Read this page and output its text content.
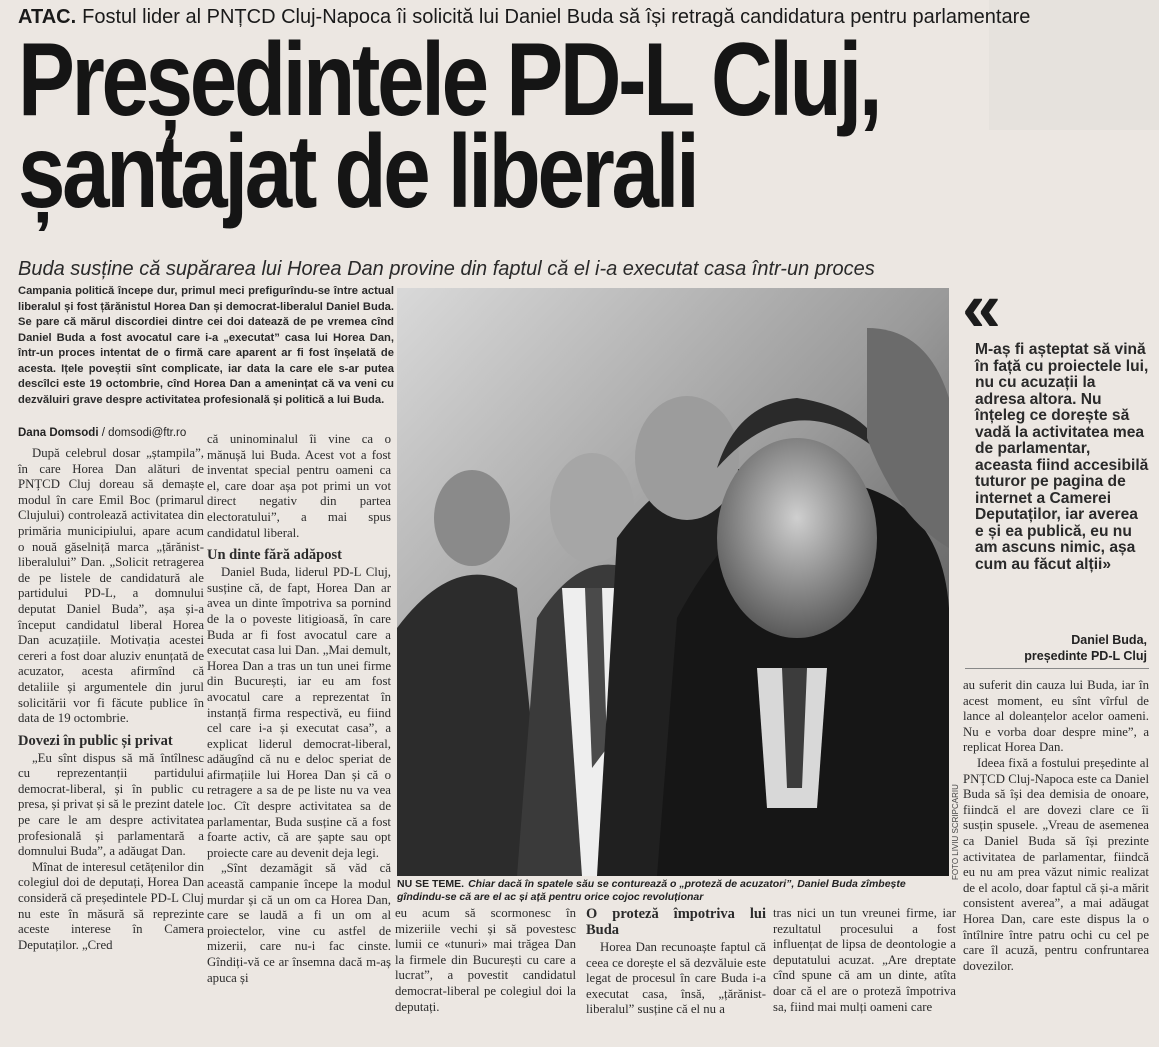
ATAC. Fostul lider al PNȚCD Cluj-Napoca îi solicită lui Daniel Buda să își retragă candidatura pentru parlamentare
Președintele PD-L Cluj,
șantajat de liberali
Buda susține că supărarea lui Horea Dan provine din faptul că el i-a executat casa într-un proces
Campania politică începe dur, primul meci prefigurîndu-se între actual liberalul și fost țărănistul Horea Dan și democrat-liberalul Daniel Buda. Se pare că mărul discordiei dintre cei doi datează de pe vremea cînd Daniel Buda a fost avocatul care i-a „executat” casa lui Horea Dan, într-un proces intentat de o firmă care aparent ar fi fost înșelată de acesta. Ițele poveștii sînt complicate, iar data la care ele s-ar putea descîlci este 19 octombrie, cînd Horea Dan a amenințat că va veni cu dezvăluiri grave despre activitatea profesională și politică a lui Buda.
Dana Domsodi / domsodi@ftr.ro

După celebrul dosar „ștampila”, în care Horea Dan alături de PNȚCD Cluj doreau să demaște modul în care Emil Boc (primarul Clujului) controlează activitatea din primăria municipiului, apare acum o nouă găselniță marca „țărănist-liberalului” Dan. „Solicit retragerea de pe listele de candidatură ale partidului PD-L, a domnului deputat Daniel Buda”, așa și-a început candidatul liberal Horea Dan acuzațiile. Motivația acestei cereri a fost doar aluziv enunțată de acuzator, acesta afirmînd că detaliile și argumentele din jurul solicitării vor fi făcute publice în data de 19 octombrie.

Dovezi în public și privat

„Eu sînt dispus să mă întîlnesc cu reprezentanții partidului democrat-liberal, și în public cu presa, și privat și să le prezint datele pe care le am despre activitatea profesională și parlamentară a domnului Buda”, a adăugat Dan.

Mînat de interesul cetățenilor din colegiul doi de deputați, Horea Dan consideră că președintele PD-L Cluj nu este în măsură să reprezinte aceste interese în Camera Deputaților. „Cred

că uninominalul îi vine ca o mănușă lui Buda. Acest vot a fost inventat special pentru oameni ca el, care doar așa pot primi un vot direct negativ din partea electoratului”, a mai spus candidatul liberal.

Un dinte fără adăpost

Daniel Buda, liderul PD-L Cluj, susține că, de fapt, Horea Dan ar avea un dinte împotriva sa pornind de la o poveste litigioasă, în care Buda ar fi fost avocatul care a executat casa lui Dan. „Mai demult, Horea Dan a tras un tun unei firme din București, iar eu am fost avocatul care a reprezentat în instanță firma respectivă, eu fiind cel care i-a și executat casa”, a explicat liderul democrat-liberal, adăugînd că nu e deloc speriat de afirmațiile lui Horea Dan și că o retragere a sa de pe liste nu va vea loc. Cît despre activitatea sa de parlamentar, Buda susține că a fost foarte activ, că are șapte sau opt proiecte care au devenit deja legi.

„Sînt dezamăgit să văd că această campanie începe la modul murdar și că un om ca Horea Dan, care se laudă a fi un om al proiectelor, vine cu astfel de mizerii, care nu-i fac cinste. Gîndiți-vă ce ar însemna dacă m-aș apuca și

FOTO LIVIU SCRIPCARIU
NU SE TEME. Chiar dacă în spatele său se conturează o „proteză de acuzatori”, Daniel Buda zîmbește gîndindu-se că are el ac și ață pentru orice cojoc revoluționar
«
M-aș fi așteptat să vină în față cu proiectele lui, nu cu acuzații la adresa altora. Nu înțeleg ce dorește să vadă la activitatea mea de parlamentar, aceasta fiind accesibilă tuturor pe pagina de internet a Camerei Deputaților, iar averea e și ea publică, eu nu am ascuns nimic, așa cum au făcut alții»
Daniel Buda,
președinte PD-L Cluj

eu acum să scormonesc în mizeriile vechi și să povestesc lumii ce «tunuri» mai trăgea Dan la firmele din București cu care a lucrat”, a povestit candidatul democrat-liberal pe colegiul doi la deputați.

O proteză împotriva lui Buda

Horea Dan recunoaște faptul că ceea ce dorește el să dezvăluie este legat de procesul în care Buda i-a executat casa, însă, „țărănist-liberalul” susține că el nu a

tras nici un tun vreunei firme, iar rezultatul procesului a fost influențat de lipsa de deontologie a deputatului acuzat. „Are dreptate cînd spune că am un dinte, atîta doar că el are o proteză împotriva sa, fiind mai mulți oameni care

au suferit din cauza lui Buda, iar în acest moment, eu sînt vîrful de lance al doleanțelor acelor oameni. Nu e vorba doar despre mine”, a replicat Horea Dan.

Ideea fixă a fostului președinte al PNȚCD Cluj-Napoca este ca Daniel Buda să își dea demisia de onoare, fiindcă el are dovezi clare ce îi susțin spusele. „Vreau de asemenea ca Daniel Buda să își prezinte activitatea de parlamentar, fiindcă eu nu am prea văzut nimic realizat de el acolo, doar faptul că și-a mărit consistent averea”, a mai adăugat Horea Dan, care este dispus la o întîlnire între patru ochi cu cel pe care îl acuză, pentru confruntarea dovezilor.
